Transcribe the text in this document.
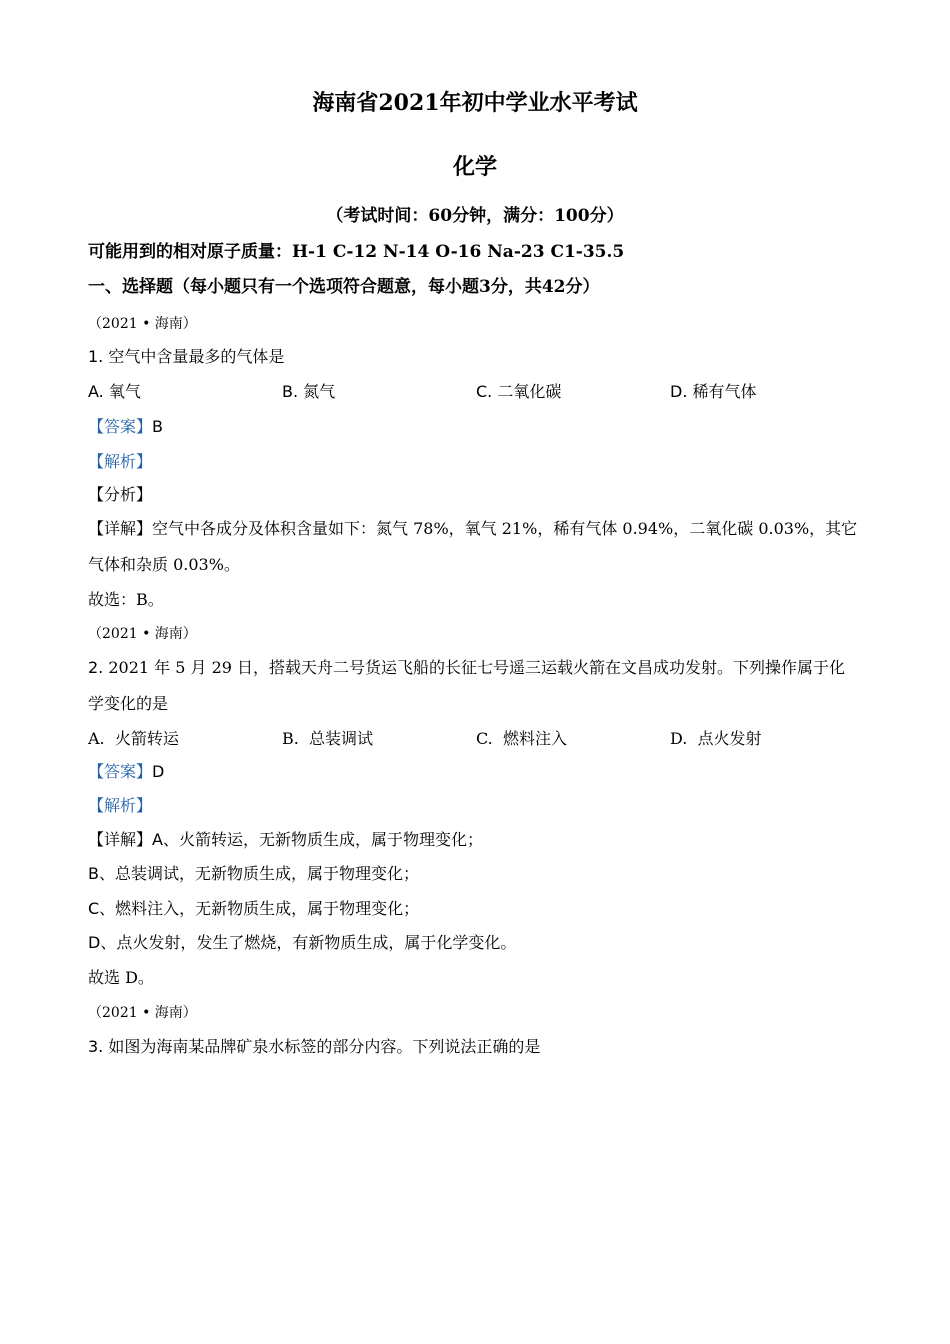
海南省2021年初中学业水平考试
化学
（考试时间：60分钟，满分：100分）
可能用到的相对原子质量：H-1 C-12 N-14 O-16 Na-23 C1-35.5
一、选择题（每小题只有一个选项符合题意，每小题3分，共42分）
（2021 • 海南）
1. 空气中含量最多的气体是
A. 氧气	B. 氮气	C. 二氧化碳	D. 稀有气体
【答案】B
【解析】
【分析】
【详解】空气中各成分及体积含量如下：氮气 78%，氧气 21%，稀有气体 0.94%，二氧化碳 0.03%，其它
气体和杂质 0.03%。
故选：B。
（2021 • 海南）
2. 2021 年 5 月 29 日，搭载天舟二号货运飞船的长征七号遥三运载火箭在文昌成功发射。下列操作属于化
学变化的是
A. 火箭转运	B. 总装调试	C. 燃料注入	D. 点火发射
【答案】D
【解析】
【详解】A、火箭转运，无新物质生成，属于物理变化；
B、总装调试，无新物质生成，属于物理变化；
C、燃料注入，无新物质生成，属于物理变化；
D、点火发射，发生了燃烧，有新物质生成，属于化学变化。
故选 D。
（2021 • 海南）
3. 如图为海南某品牌矿泉水标签的部分内容。下列说法正确的是
